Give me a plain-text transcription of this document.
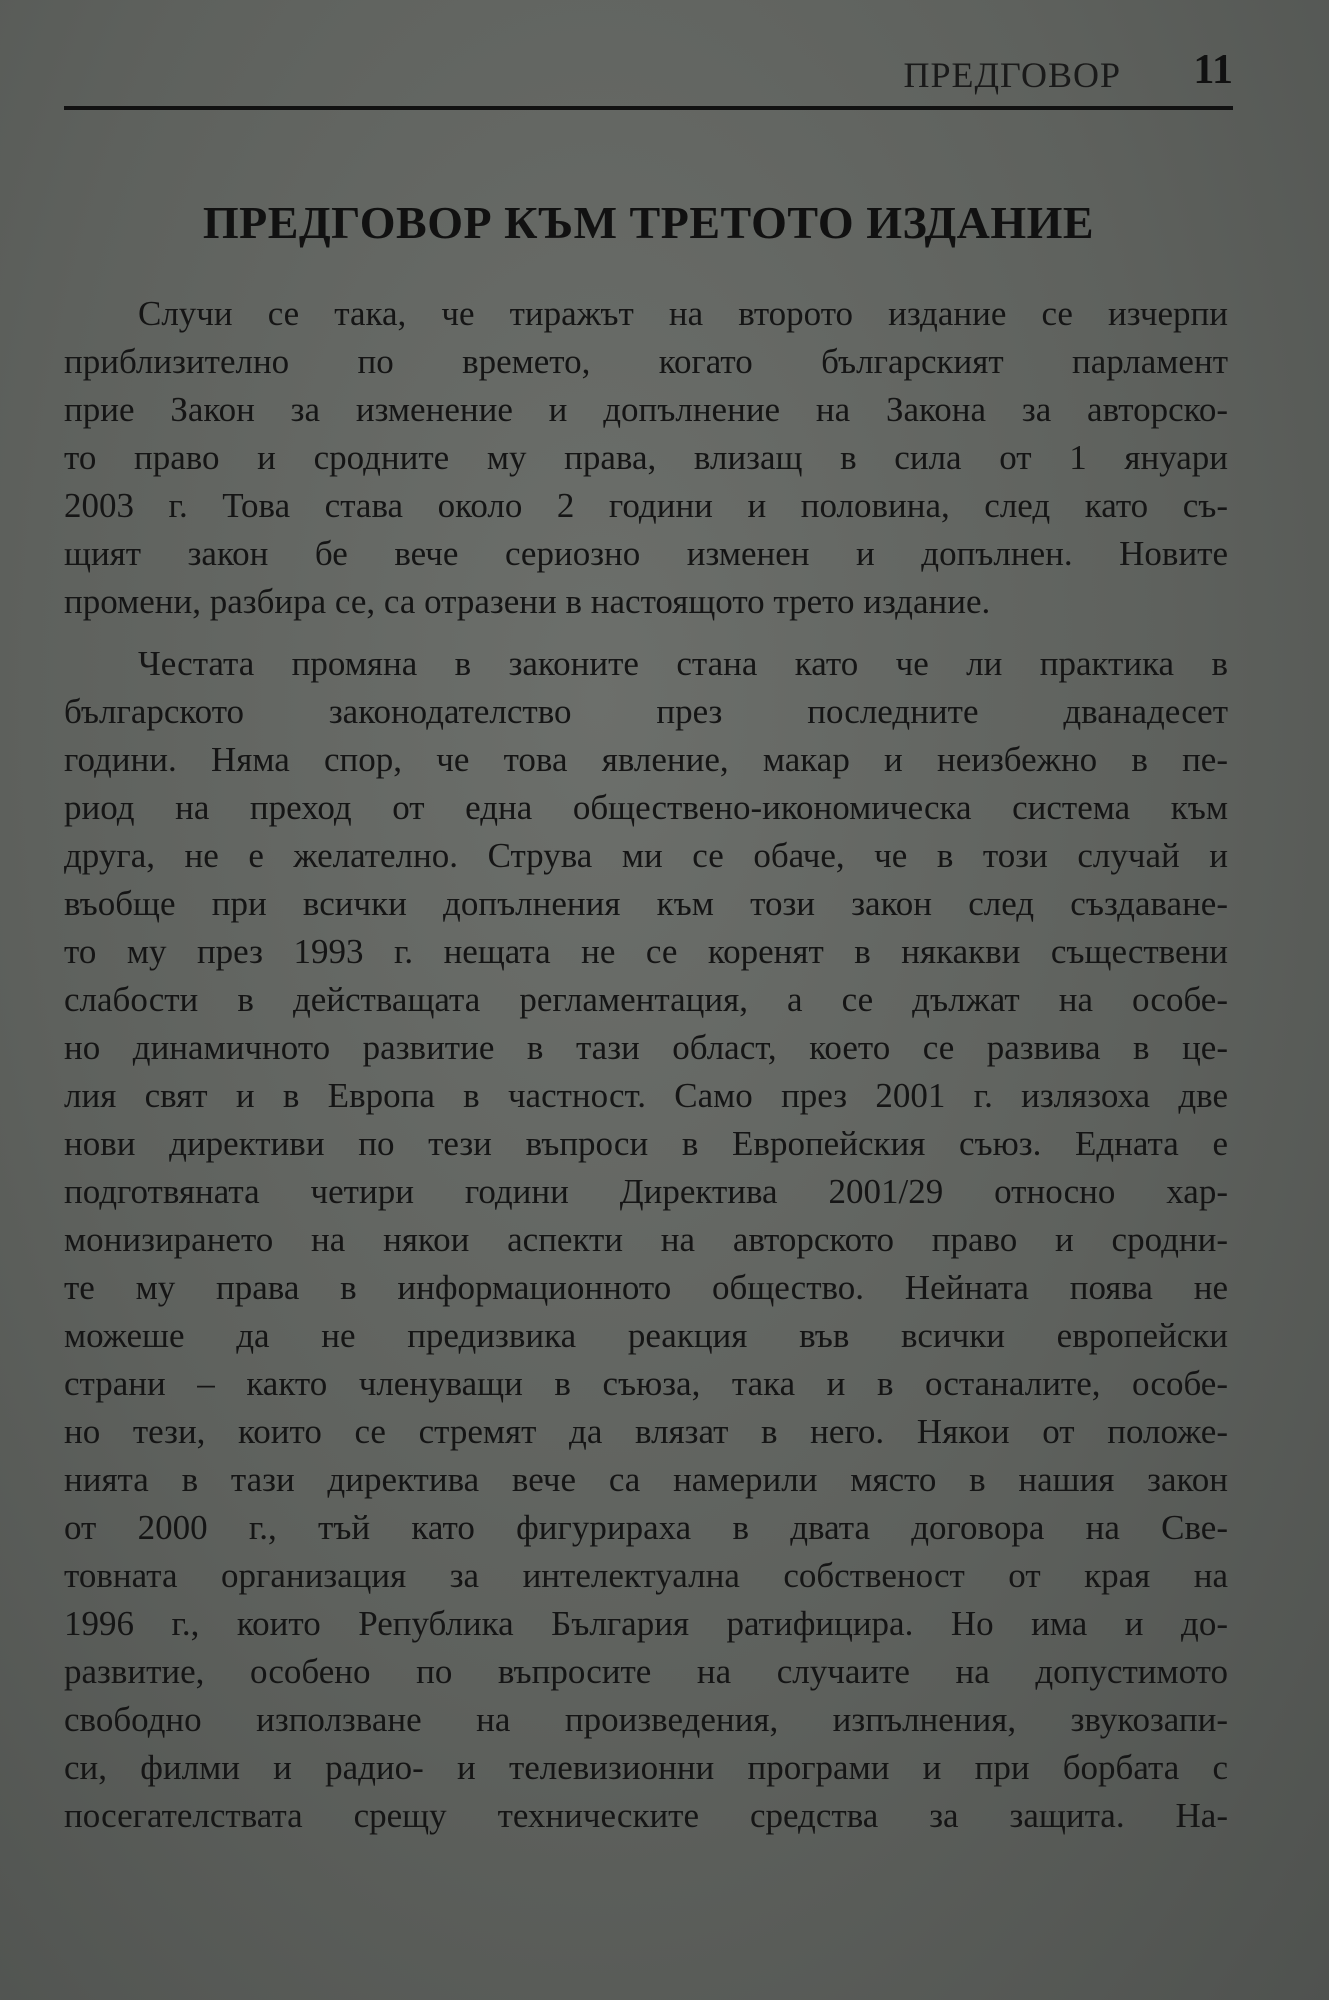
ПРЕДГОВОР 11
ПРЕДГОВОР КЪМ ТРЕТОТО ИЗДАНИЕ
Случи се така, че тиражът на второто издание се изчерпи
приблизително по времето, когато българският парламент
прие Закон за изменение и допълнение на Закона за авторско-
то право и сродните му права, влизащ в сила от 1 януари
2003 г. Това става около 2 години и половина, след като съ-
щият закон бе вече сериозно изменен и допълнен. Новите
промени, разбира се, са отразени в настоящото трето издание.
Честата промяна в законите стана като че ли практика в
българското законодателство през последните дванадесет
години. Няма спор, че това явление, макар и неизбежно в пе-
риод на преход от една обществено-икономическа система към
друга, не е желателно. Струва ми се обаче, че в този случай и
въобще при всички допълнения към този закон след създаване-
то му през 1993 г. нещата не се коренят в някакви съществени
слабости в действащата регламентация, а се дължат на особе-
но динамичното развитие в тази област, което се развива в це-
лия свят и в Европа в частност. Само през 2001 г. излязоха две
нови директиви по тези въпроси в Европейския съюз. Едната е
подготвяната четири години Директива 2001/29 относно хар-
монизирането на някои аспекти на авторското право и сродни-
те му права в информационното общество. Нейната поява не
можеше да не предизвика реакция във всички европейски
страни – както членуващи в съюза, така и в останалите, особе-
но тези, които се стремят да влязат в него. Някои от положе-
нията в тази директива вече са намерили място в нашия закон
от 2000 г., тъй като фигурираха в двата договора на Све-
товната организация за интелектуална собственост от края на
1996 г., които Република България ратифицира. Но има и до-
развитие, особено по въпросите на случаите на допустимото
свободно използване на произведения, изпълнения, звукозапи-
си, филми и радио- и телевизионни програми и при борбата с
посегателствата срещу техническите средства за защита. На-
